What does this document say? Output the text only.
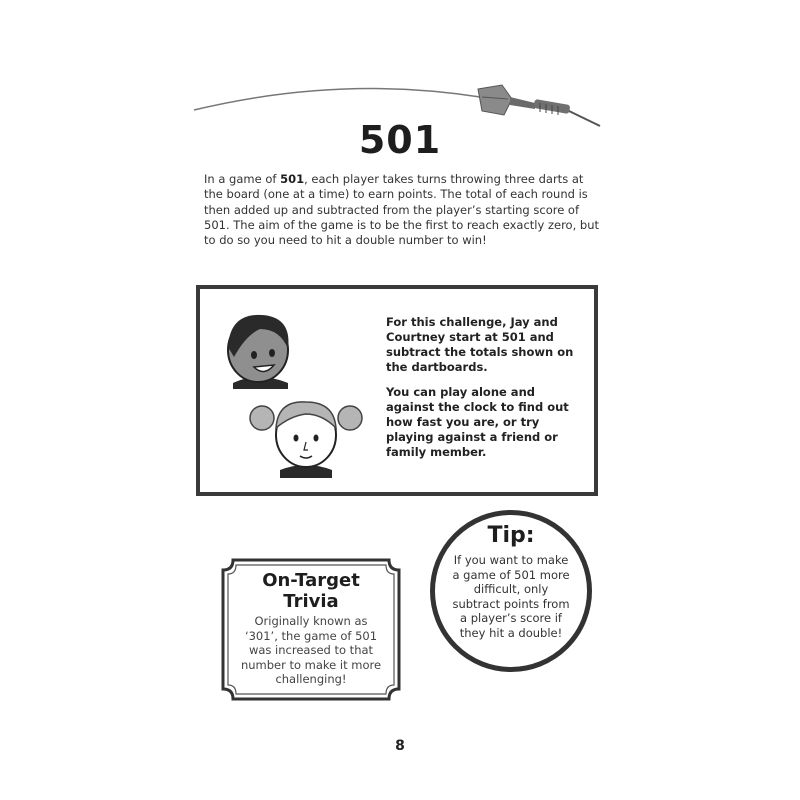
501

In a game of 501, each player takes turns throwing three darts at the board (one at a time) to earn points. The total of each round is then added up and subtracted from the player’s starting score of 501. The aim of the game is to be the first to reach exactly zero, but to do so you need to hit a double number to win!

For this challenge, Jay and Courtney start at 501 and subtract the totals shown on the dartboards.

You can play alone and against the clock to find out how fast you are, or try playing against a friend or family member.

Tip:

If you want to make a game of 501 more difficult, only subtract points from a player’s score if they hit a double!

On-Target
Trivia

Originally known as ‘301’, the game of 501 was increased to that number to make it more challenging!

8
